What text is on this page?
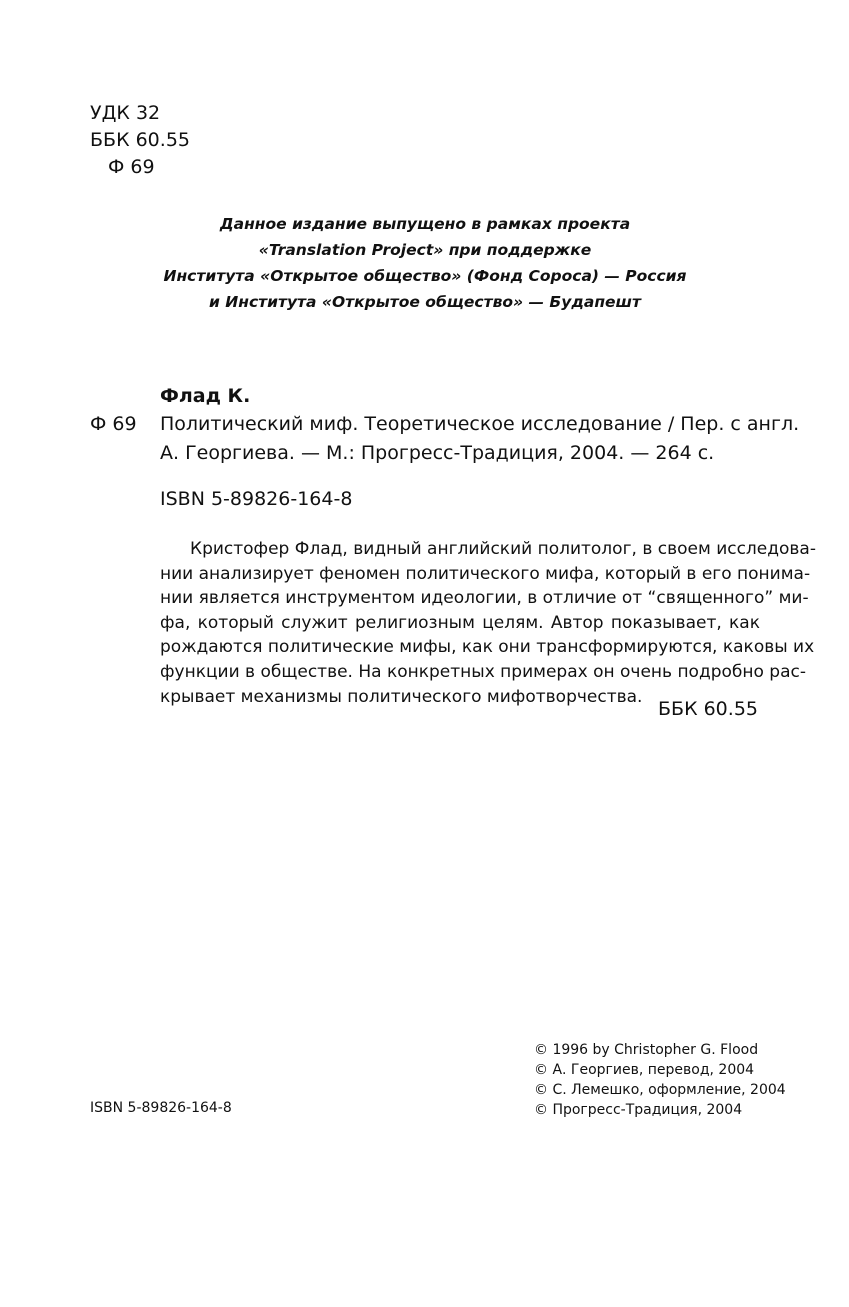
УДК 32
ББК 60.55
Ф 69
Данное издание выпущено в рамках проекта
«Translation Project» при поддержке
Института «Открытое общество» (Фонд Сороса) — Россия
и Института «Открытое общество» — Будапешт
Флад К.
Ф 69 Политический миф. Теоретическое исследование / Пер. с англ.

А. Георгиева. — М.: Прогресс-Традиция, 2004. — 264 с.

ISBN 5-89826-164-8

Кристофер Флад, видный английский политолог, в своем исследова-

нии анализирует феномен политического мифа, который в его понима-

нии является инструментом идеологии, в отличие от “священного” ми-

фа, который служит религиозным целям. Автор показывает, как

рождаются политические мифы, как они трансформируются, каковы их

функции в обществе. На конкретных примерах он очень подробно рас-

крывает механизмы политического мифотворчества.

ББК 60.55
© 1996 by Christopher G. Flood
© А. Георгиев, перевод, 2004
© С. Лемешко, оформление, 2004
© Прогресс-Традиция, 2004
ISBN 5-89826-164-8
